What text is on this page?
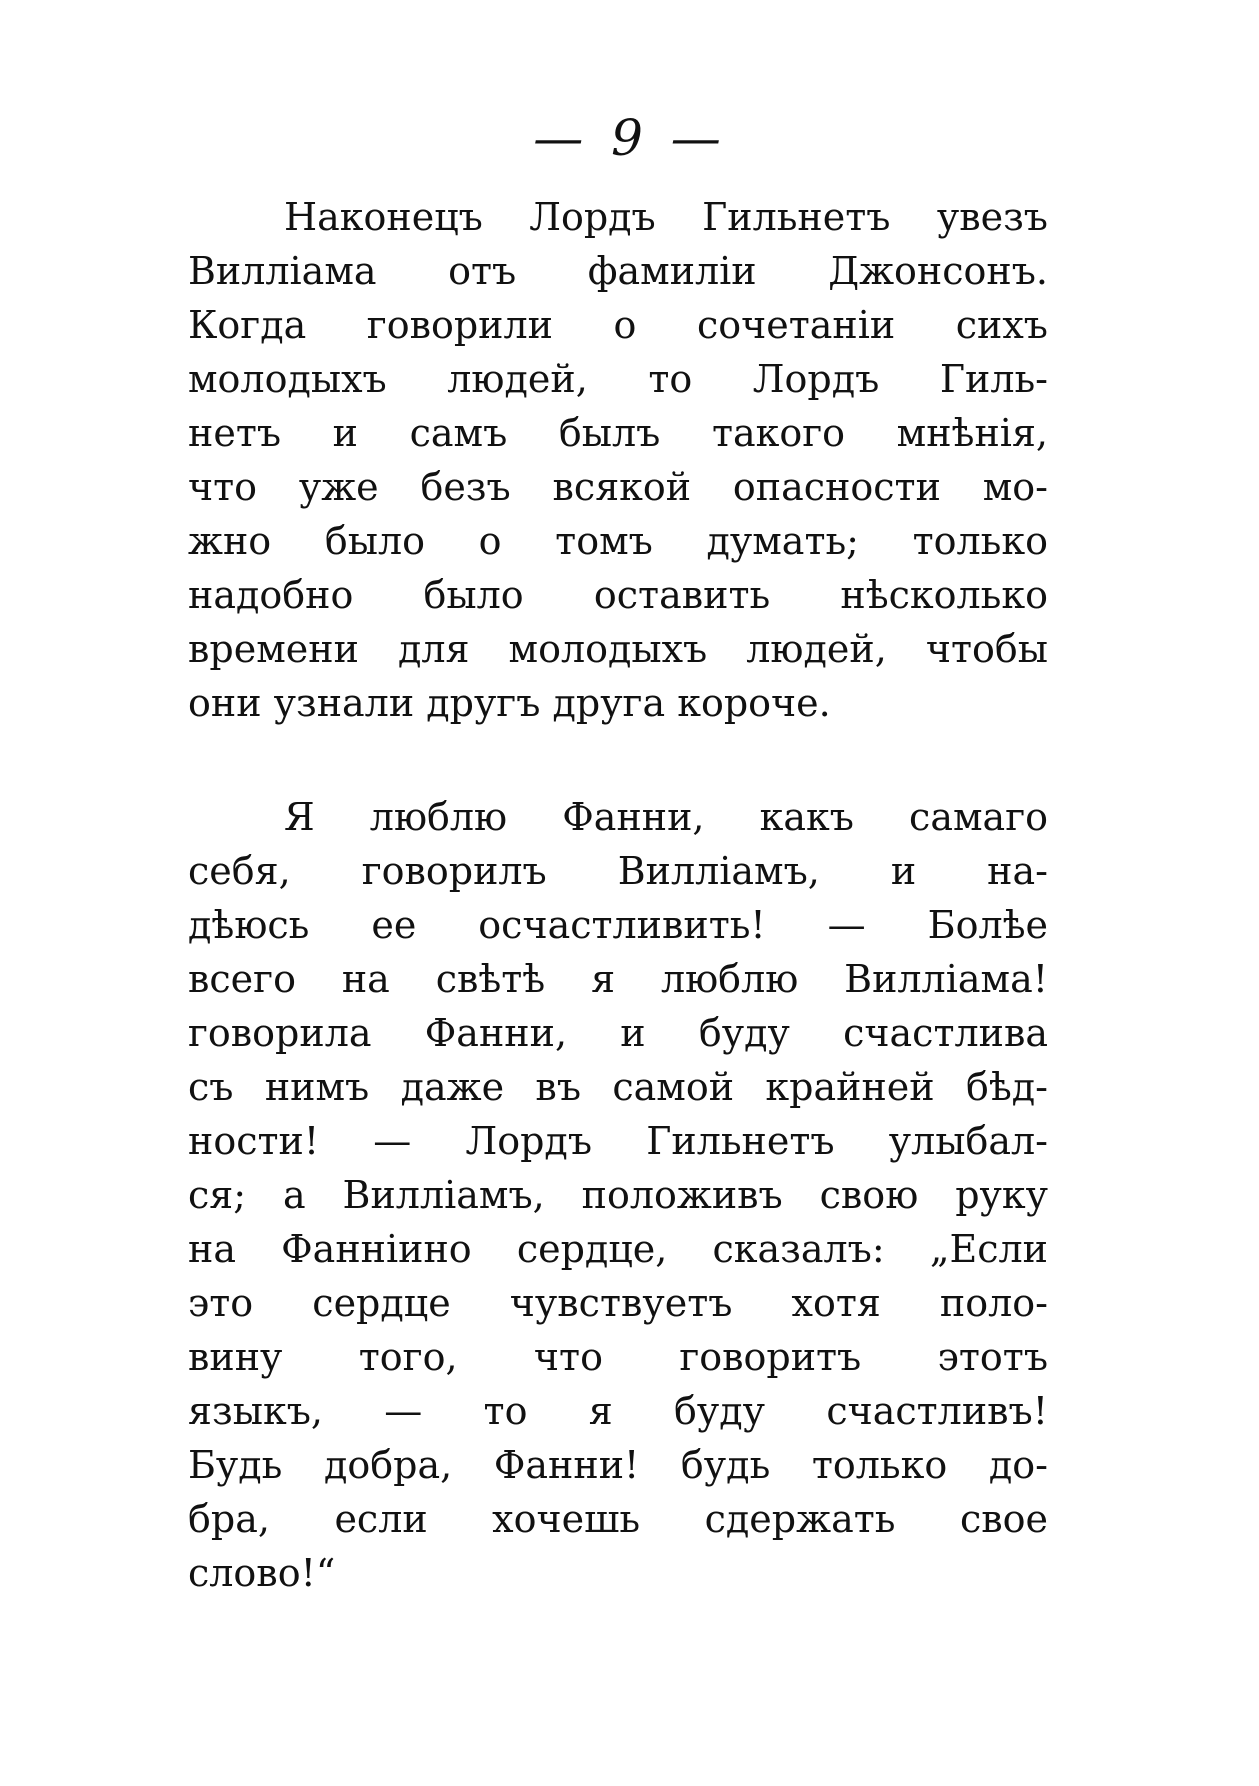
— 9 —
Наконецъ Лордъ Гильнетъ увезъ
Вилліама отъ фамиліи Джонсонъ.
Когда говорили о сочетаніи сихъ
молодыхъ людей, то Лордъ Гиль-
нетъ и самъ былъ такого мнѣнія,
что уже безъ всякой опасности мо-
жно было о томъ думать; только
надобно было оставить нѣсколько
времени для молодыхъ людей, чтобы
они узнали другъ друга короче.
Я люблю Фанни, какъ самаго
себя, говорилъ Вилліамъ, и на-
дѣюсь ее осчастливить! — Болѣе
всего на свѣтѣ я люблю Вилліама!
говорила Фанни, и буду счастлива
съ нимъ даже въ самой крайней бѣд-
ности! — Лордъ Гильнетъ улыбал-
ся; а Вилліамъ, положивъ свою руку
на Фанніино сердце, сказалъ: „Если
это сердце чувствуетъ хотя поло-
вину того, что говоритъ этотъ
языкъ, — то я буду счастливъ!
Будь добра, Фанни! будь только до-
бра, если хочешь сдержать свое
слово!“
